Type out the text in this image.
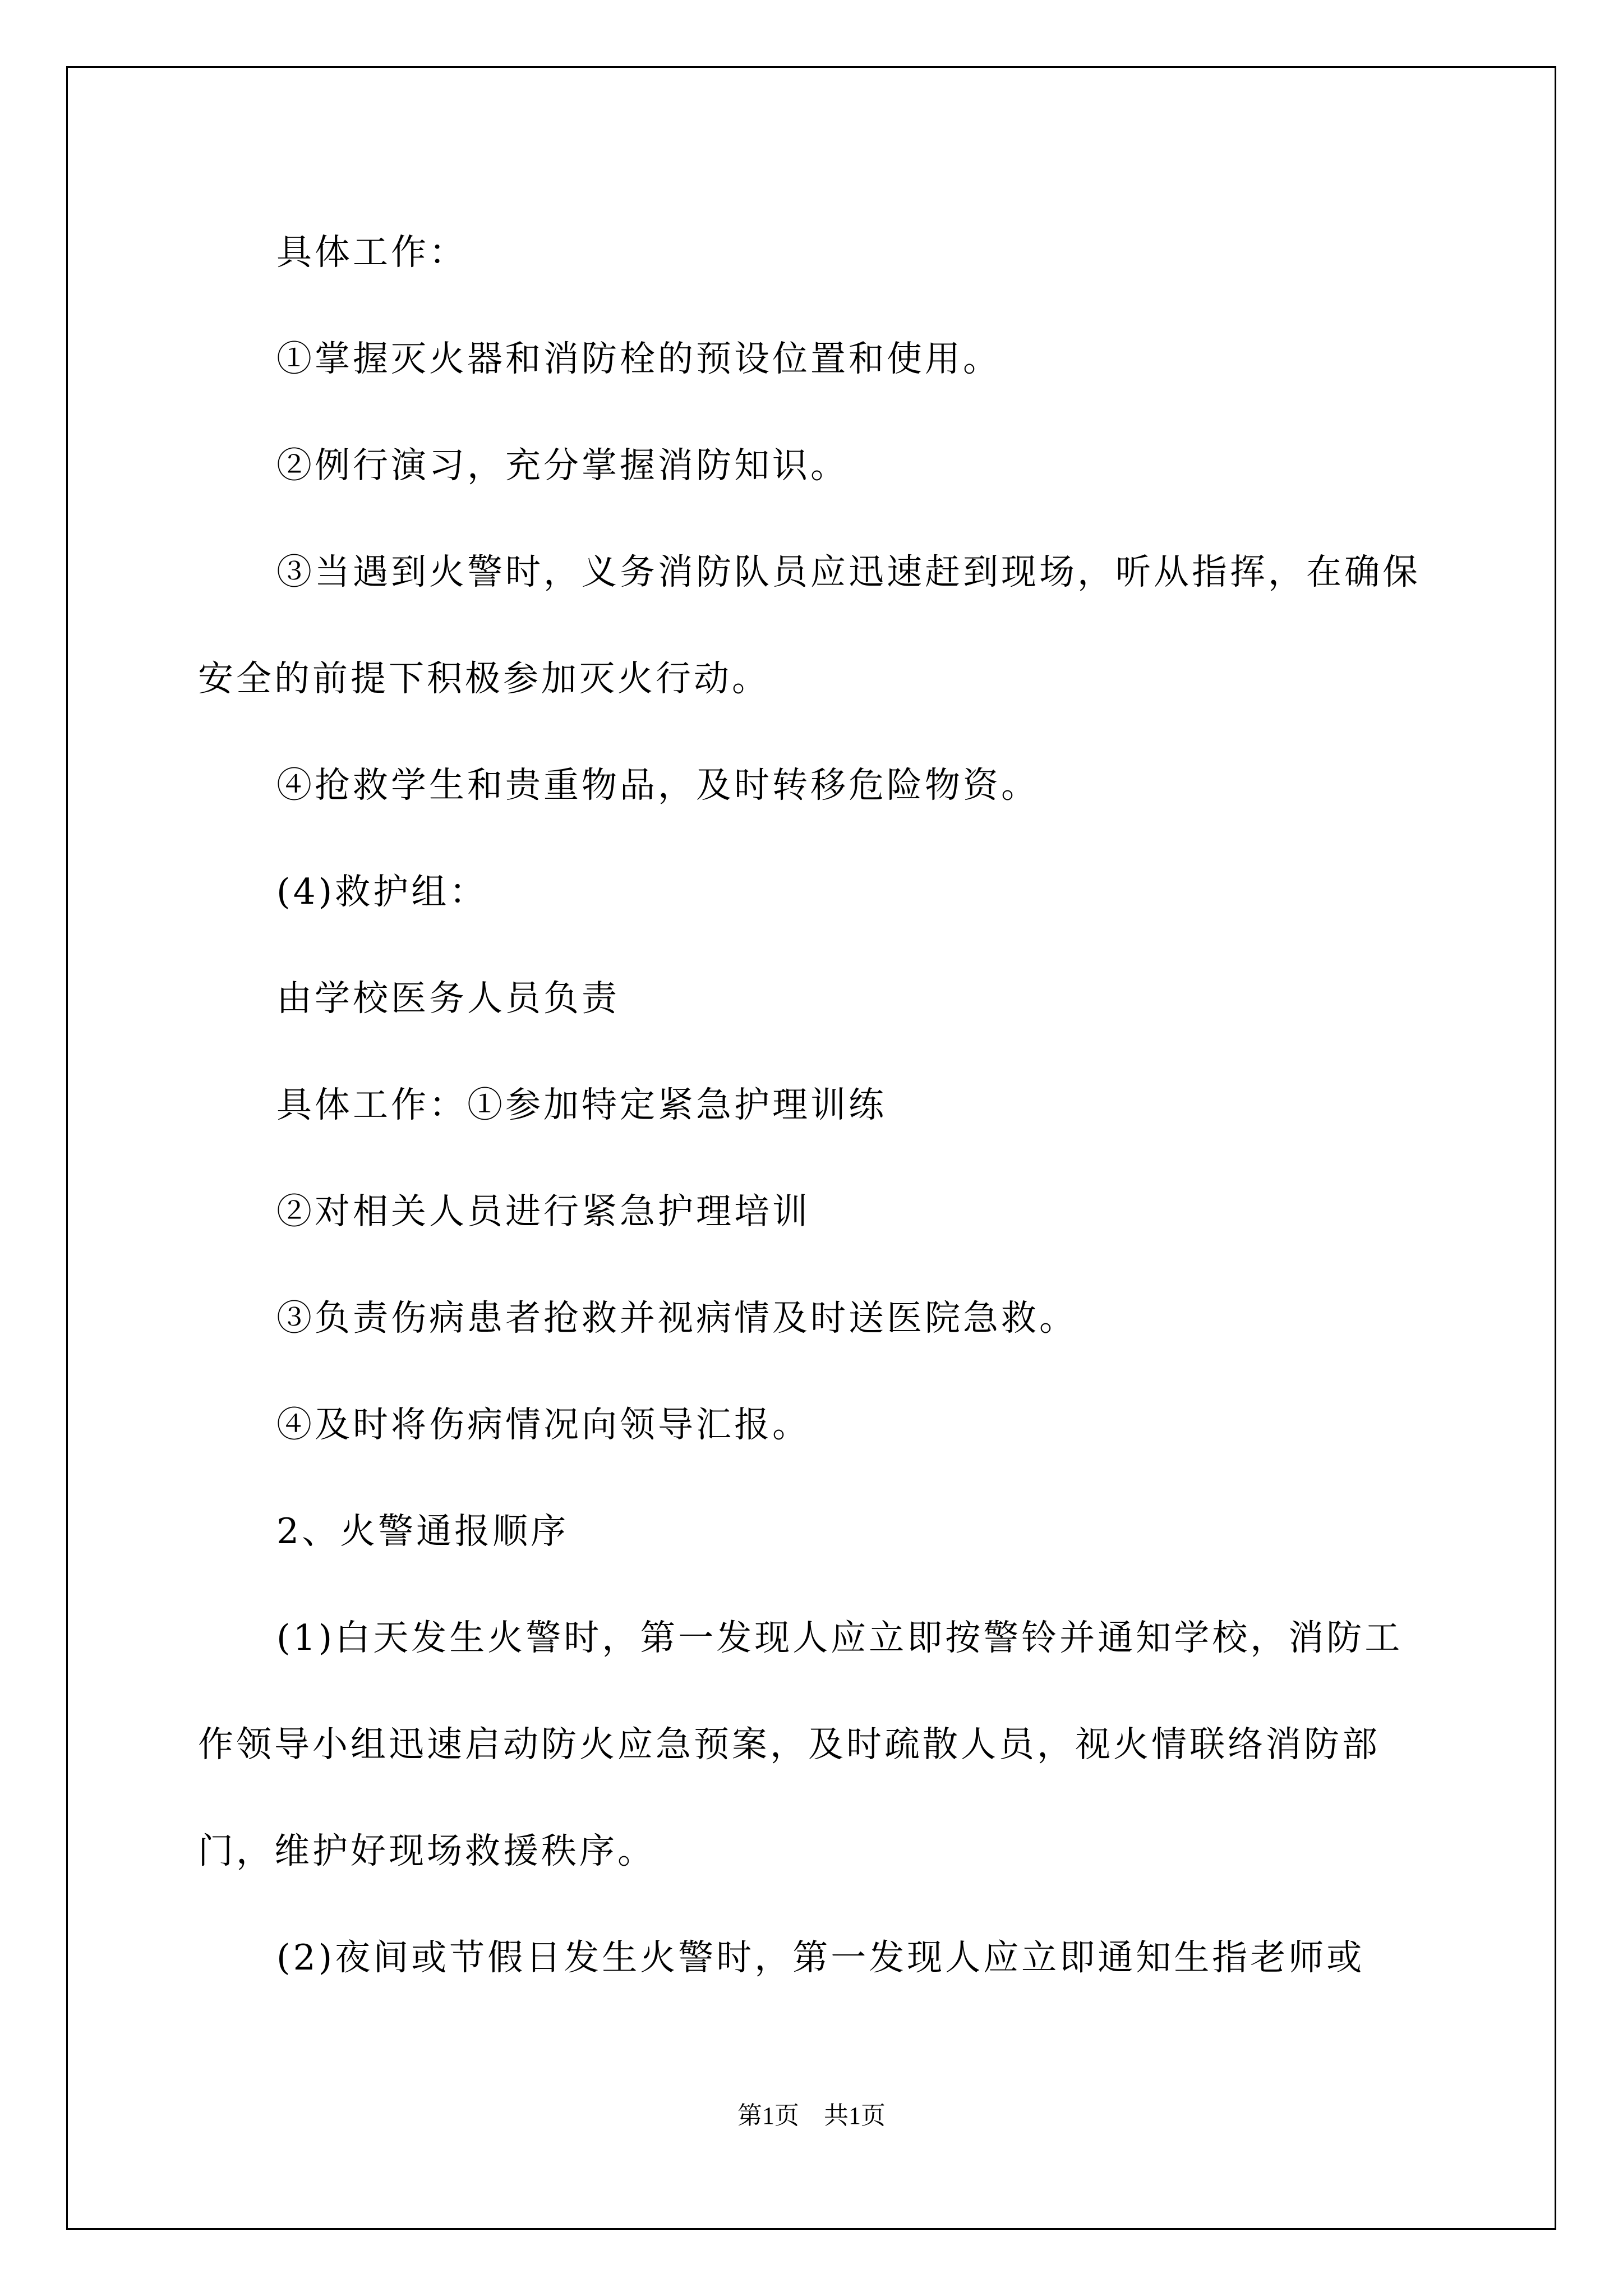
具体工作：

①掌握灭火器和消防栓的预设位置和使用。

②例行演习，充分掌握消防知识。

③当遇到火警时，义务消防队员应迅速赶到现场，听从指挥，在确保安全的前提下积极参加灭火行动。

④抢救学生和贵重物品，及时转移危险物资。

(4)救护组：

由学校医务人员负责

具体工作：①参加特定紧急护理训练

②对相关人员进行紧急护理培训

③负责伤病患者抢救并视病情及时送医院急救。

④及时将伤病情况向领导汇报。

2、火警通报顺序

(1)白天发生火警时，第一发现人应立即按警铃并通知学校，消防工作领导小组迅速启动防火应急预案，及时疏散人员，视火情联络消防部门，维护好现场救援秩序。

(2)夜间或节假日发生火警时，第一发现人应立即通知生指老师或

第1页　共1页
